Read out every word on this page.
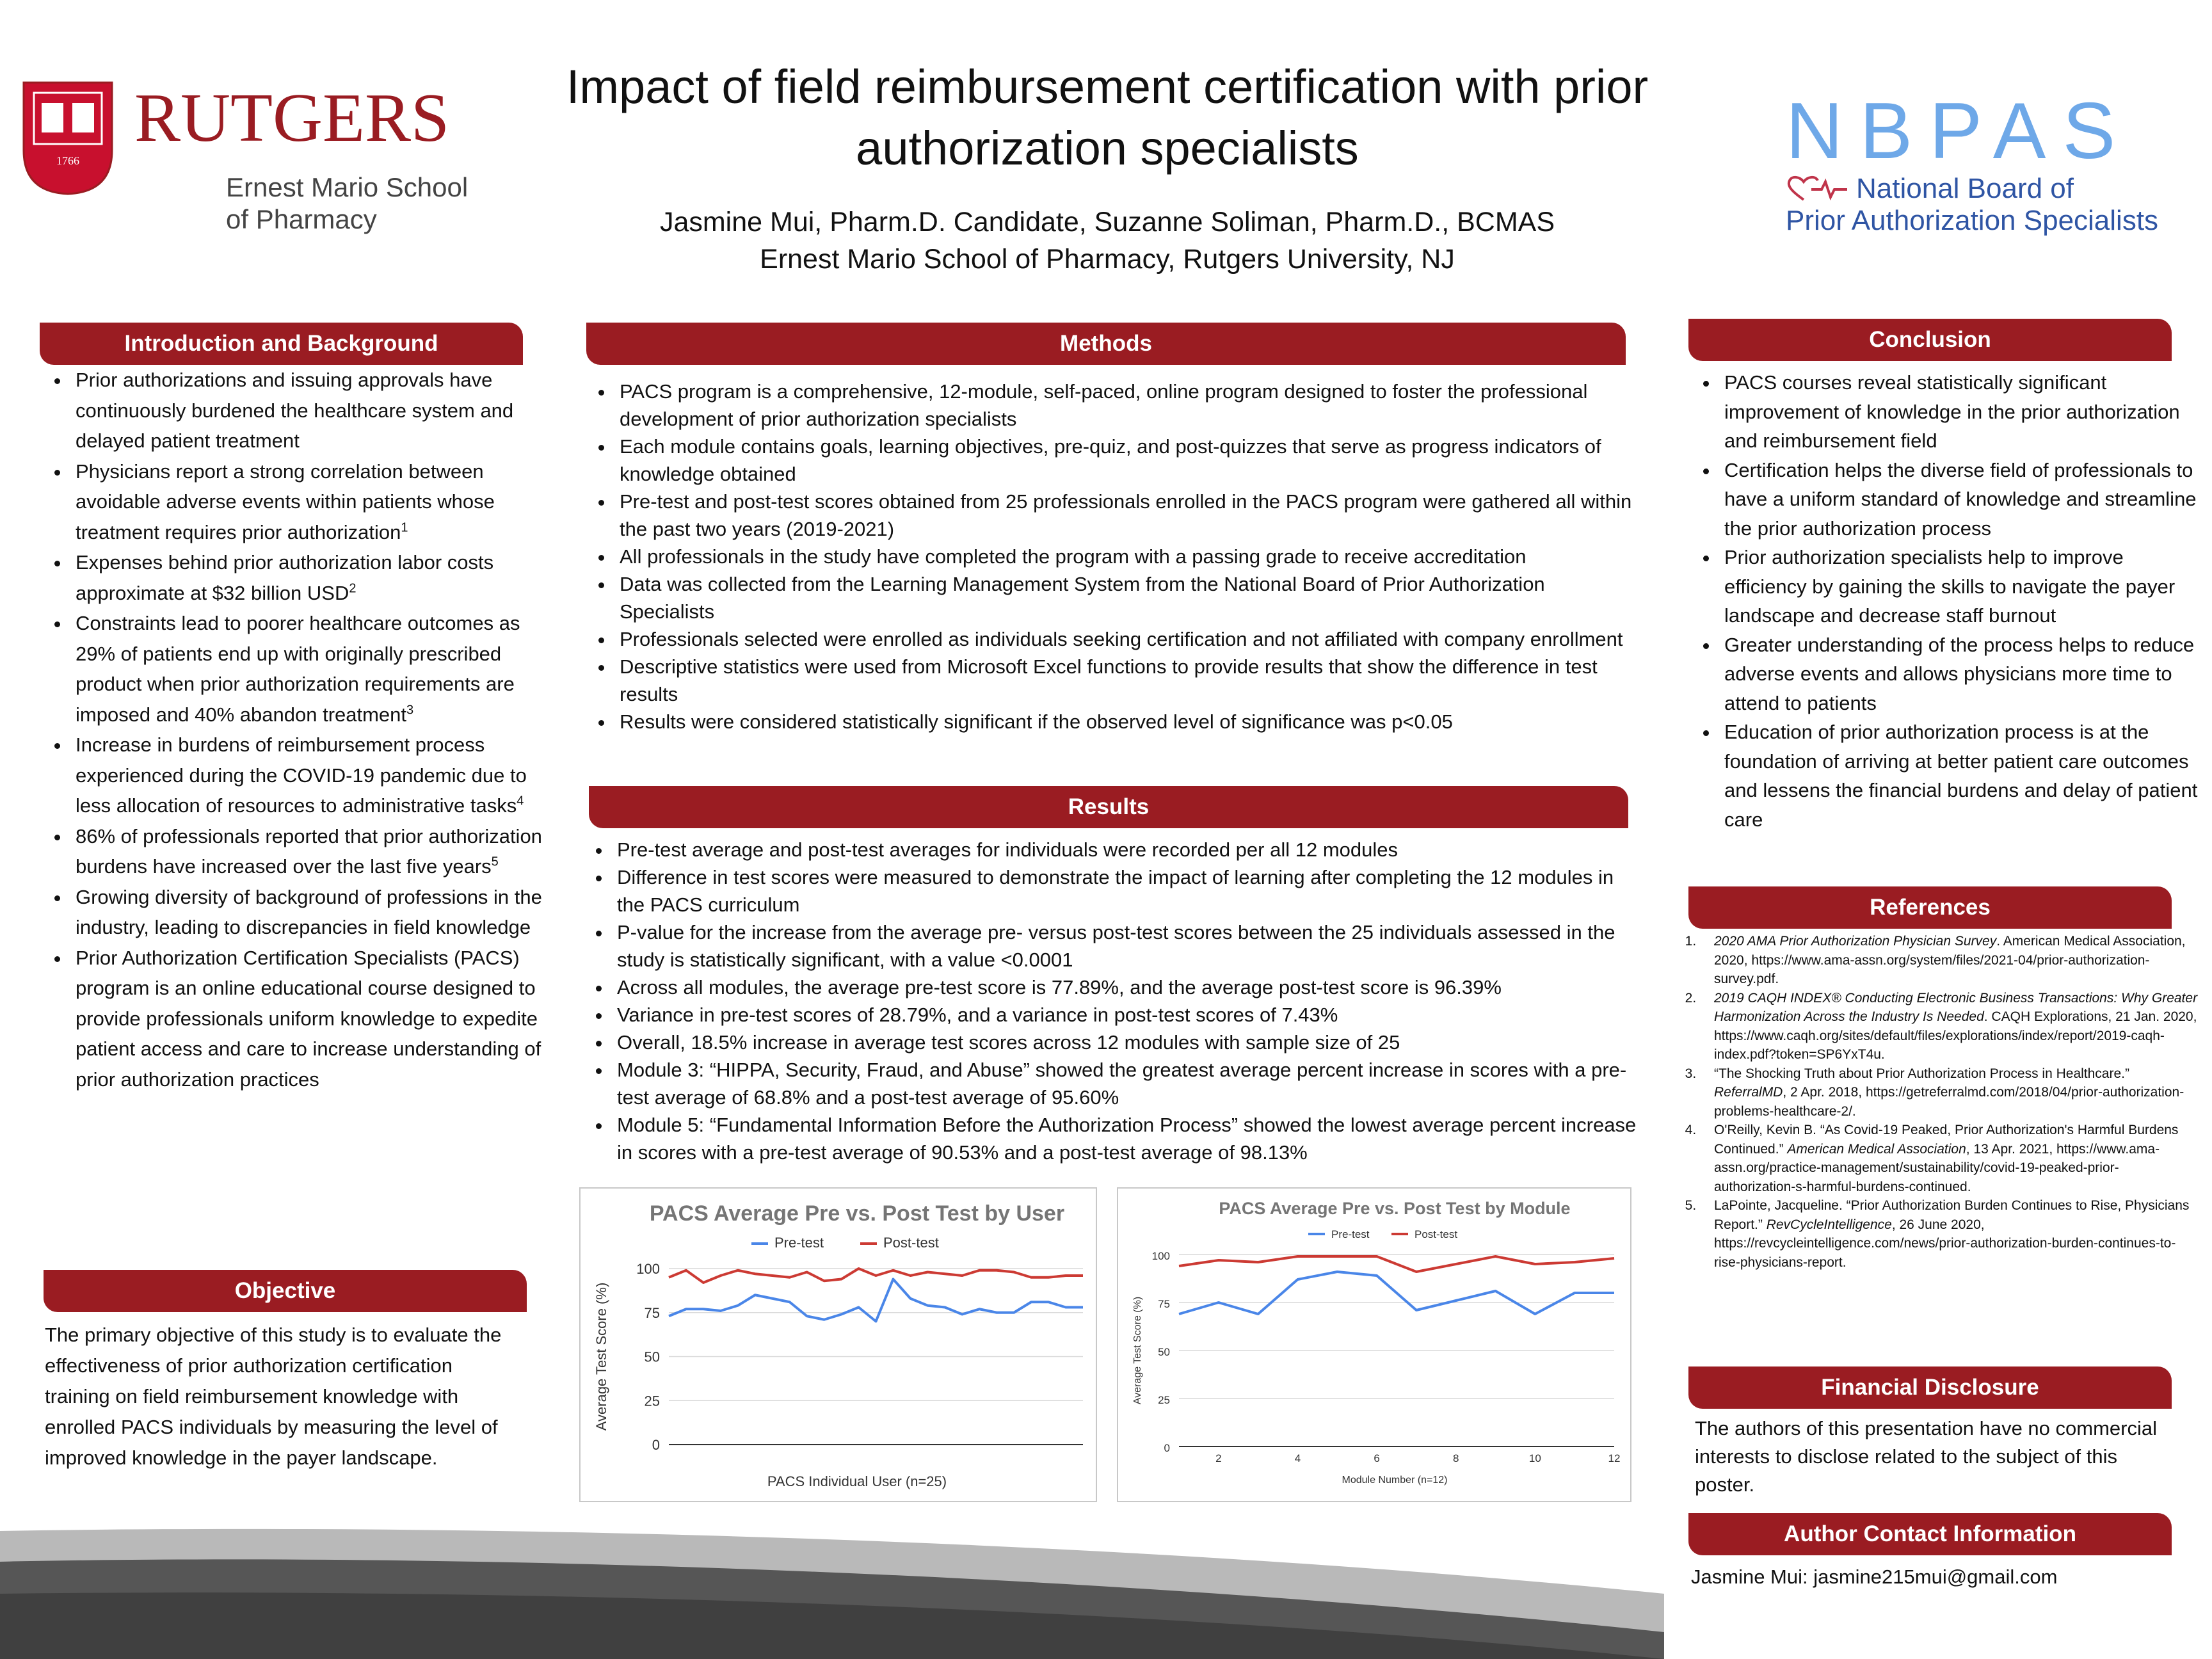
1766
RUTGERS
Ernest Mario School
of Pharmacy
Impact of field reimbursement certification with prior
authorization specialists
Jasmine Mui, Pharm.D. Candidate, Suzanne Soliman, Pharm.D., BCMAS
Ernest Mario School of Pharmacy, Rutgers University, NJ
NBPAS
National Board of
Prior Authorization Specialists
Introduction and Background
• Prior authorizations and issuing approvals have continuously burdened the healthcare system and delayed patient treatment
• Physicians report a strong correlation between avoidable adverse events within patients whose treatment requires prior authorization$^1$
• Expenses behind prior authorization labor costs approximate at $32 billion USD$^2$
• Constraints lead to poorer healthcare outcomes as 29% of patients end up with originally prescribed product when prior authorization requirements are imposed and 40% abandon treatment$^3$
• Increase in burdens of reimbursement process experienced during the COVID-19 pandemic due to less allocation of resources to administrative tasks$^4$
• 86% of professionals reported that prior authorization burdens have increased over the last five years$^5$
• Growing diversity of background of professions in the industry, leading to discrepancies in field knowledge
• Prior Authorization Certification Specialists (PACS) program is an online educational course designed to provide professionals uniform knowledge to expedite patient access and care to increase understanding of prior authorization practices
Objective
The primary objective of this study is to evaluate the effectiveness of prior authorization certification training on field reimbursement knowledge with enrolled PACS individuals by measuring the level of improved knowledge in the payer landscape.
Methods
• PACS program is a comprehensive, 12-module, self-paced, online program designed to foster the professional development of prior authorization specialists
• Each module contains goals, learning objectives, pre-quiz, and post-quizzes that serve as progress indicators of knowledge obtained
• Pre-test and post-test scores obtained from 25 professionals enrolled in the PACS program were gathered all within the past two years (2019-2021)
• All professionals in the study have completed the program with a passing grade to receive accreditation
• Data was collected from the Learning Management System from the National Board of Prior Authorization Specialists
• Professionals selected were enrolled as individuals seeking certification and not affiliated with company enrollment
• Descriptive statistics were used from Microsoft Excel functions to provide results that show the difference in test results
• Results were considered statistically significant if the observed level of significance was p<0.05
Results
• Pre-test average and post-test averages for individuals were recorded per all 12 modules
• Difference in test scores were measured to demonstrate the impact of learning after completing the 12 modules in the PACS curriculum
• P-value for the increase from the average pre- versus post-test scores between the 25 individuals assessed in the study is statistically significant, with a value <0.0001
• Across all modules, the average pre-test score is 77.89%, and the average post-test score is 96.39%
• Variance in pre-test scores of 28.79%, and a variance in post-test scores of 7.43%
• Overall, 18.5% increase in average test scores across 12 modules with sample size of 25
• Module 3: “HIPPA, Security, Fraud, and Abuse” showed the greatest average percent increase in scores with a pre-test average of 68.8% and a post-test average of 95.60%
• Module 5: “Fundamental Information Before the Authorization Process” showed the lowest average percent increase in scores with a pre-test average of 90.53% and a post-test average of 98.13%
PACS Average Pre vs. Post Test by User
Pre-test	Post-test
0
25
50
75
100
PACS Individual User (n=25)
Average Test Score (%)
PACS Average Pre vs. Post Test by Module
Pre-test	Post-test
0
25
50
75
100
2	4	6	8	10	12
Module Number (n=12)
Average Test Score (%)
Conclusion
• PACS courses reveal statistically significant improvement of knowledge in the prior authorization and reimbursement field
• Certification helps the diverse field of professionals to have a uniform standard of knowledge and streamline the prior authorization process
• Prior authorization specialists help to improve efficiency by gaining the skills to navigate the payer landscape and decrease staff burnout
• Greater understanding of the process helps to reduce adverse events and allows physicians more time to attend to patients
• Education of prior authorization process is at the foundation of arriving at better patient care outcomes and lessens the financial burdens and delay of patient care
References
1. 2020 AMA Prior Authorization Physician Survey. American Medical Association, 2020, https://www.ama-assn.org/system/files/2021-04/prior-authorization-survey.pdf.
2. 2019 CAQH INDEX® Conducting Electronic Business Transactions: Why Greater Harmonization Across the Industry Is Needed. CAQH Explorations, 21 Jan. 2020, https://www.caqh.org/sites/default/files/explorations/index/report/2019-caqh-index.pdf?token=SP6YxT4u.
3. “The Shocking Truth about Prior Authorization Process in Healthcare.” ReferralMD, 2 Apr. 2018, https://getreferralmd.com/2018/04/prior-authorization-problems-healthcare-2/.
4. O'Reilly, Kevin B. “As Covid-19 Peaked, Prior Authorization's Harmful Burdens Continued.” American Medical Association, 13 Apr. 2021, https://www.ama-assn.org/practice-management/sustainability/covid-19-peaked-prior-authorization-s-harmful-burdens-continued.
5. LaPointe, Jacqueline. “Prior Authorization Burden Continues to Rise, Physicians Report.” RevCycleIntelligence, 26 June 2020, https://revcycleintelligence.com/news/prior-authorization-burden-continues-to-rise-physicians-report.
Financial Disclosure
The authors of this presentation have no commercial interests to disclose related to the subject of this poster.
Author Contact Information
Jasmine Mui: jasmine215mui@gmail.com
